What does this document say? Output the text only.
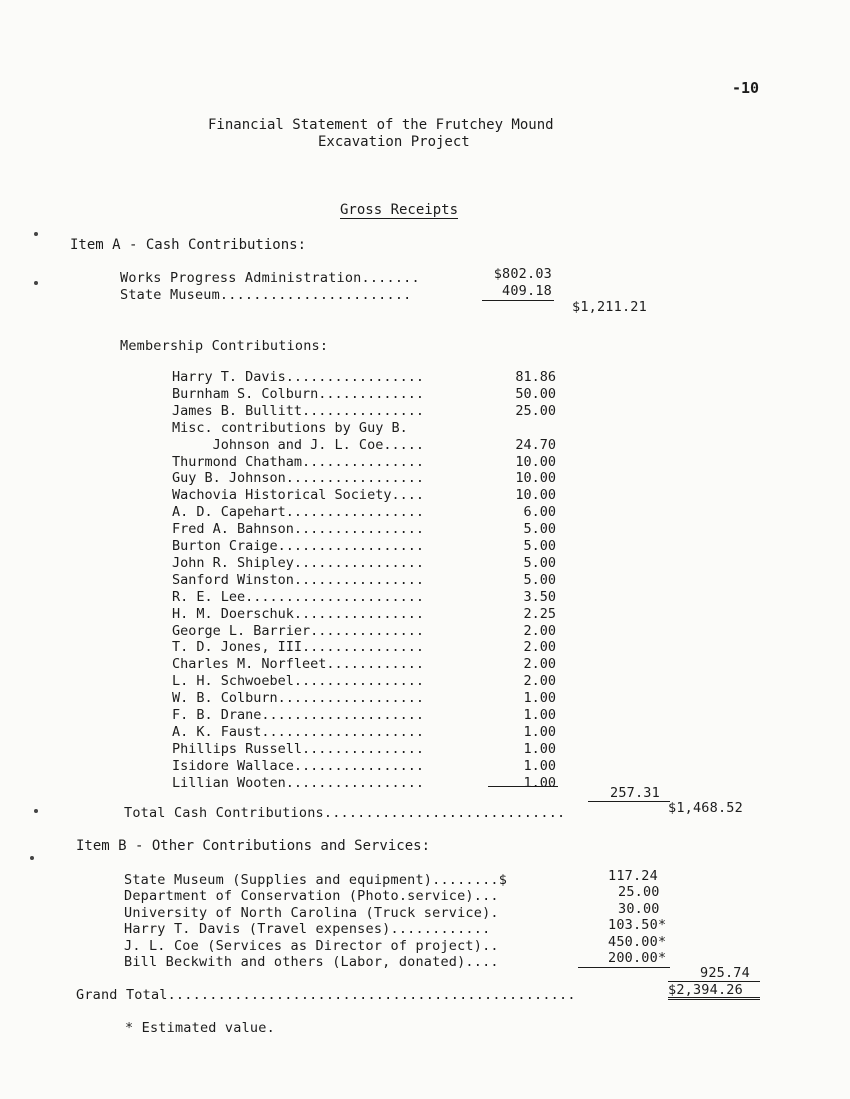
-10
Financial Statement of the Frutchey Mound
Excavation Project
Gross Receipts
Item A - Cash Contributions:
Works Progress Administration.......	$802.03
State Museum.......................	409.18
$1,211.21
Membership Contributions:
Harry T. Davis.................	81.86
Burnham S. Colburn.............	50.00
James B. Bullitt...............	25.00
Misc. contributions by Guy B.
Johnson and J. L. Coe.....	24.70
Thurmond Chatham...............	10.00
Guy B. Johnson.................	10.00
Wachovia Historical Society....	10.00
A. D. Capehart.................	6.00
Fred A. Bahnson................	5.00
Burton Craige..................	5.00
John R. Shipley................	5.00
Sanford Winston................	5.00
R. E. Lee......................	3.50
H. M. Doerschuk................	2.25
George L. Barrier..............	2.00
T. D. Jones, III...............	2.00
Charles M. Norfleet............	2.00
L. H. Schwoebel................	2.00
W. B. Colburn..................	1.00
F. B. Drane....................	1.00
A. K. Faust....................	1.00
Phillips Russell...............	1.00
Isidore Wallace................	1.00
Lillian Wooten.................	1.00
257.31
Total Cash Contributions.............................	$1,468.52
Item B - Other Contributions and Services:
State Museum (Supplies and equipment)........$	117.24
Department of Conservation (Photo.service)...	25.00
University of North Carolina (Truck service).	30.00
Harry T. Davis (Travel expenses)............	103.50*
J. L. Coe (Services as Director of project)..	450.00*
Bill Beckwith and others (Labor, donated)....	200.00*
925.74
Grand Total.................................................	$2,394.26
* Estimated value.
